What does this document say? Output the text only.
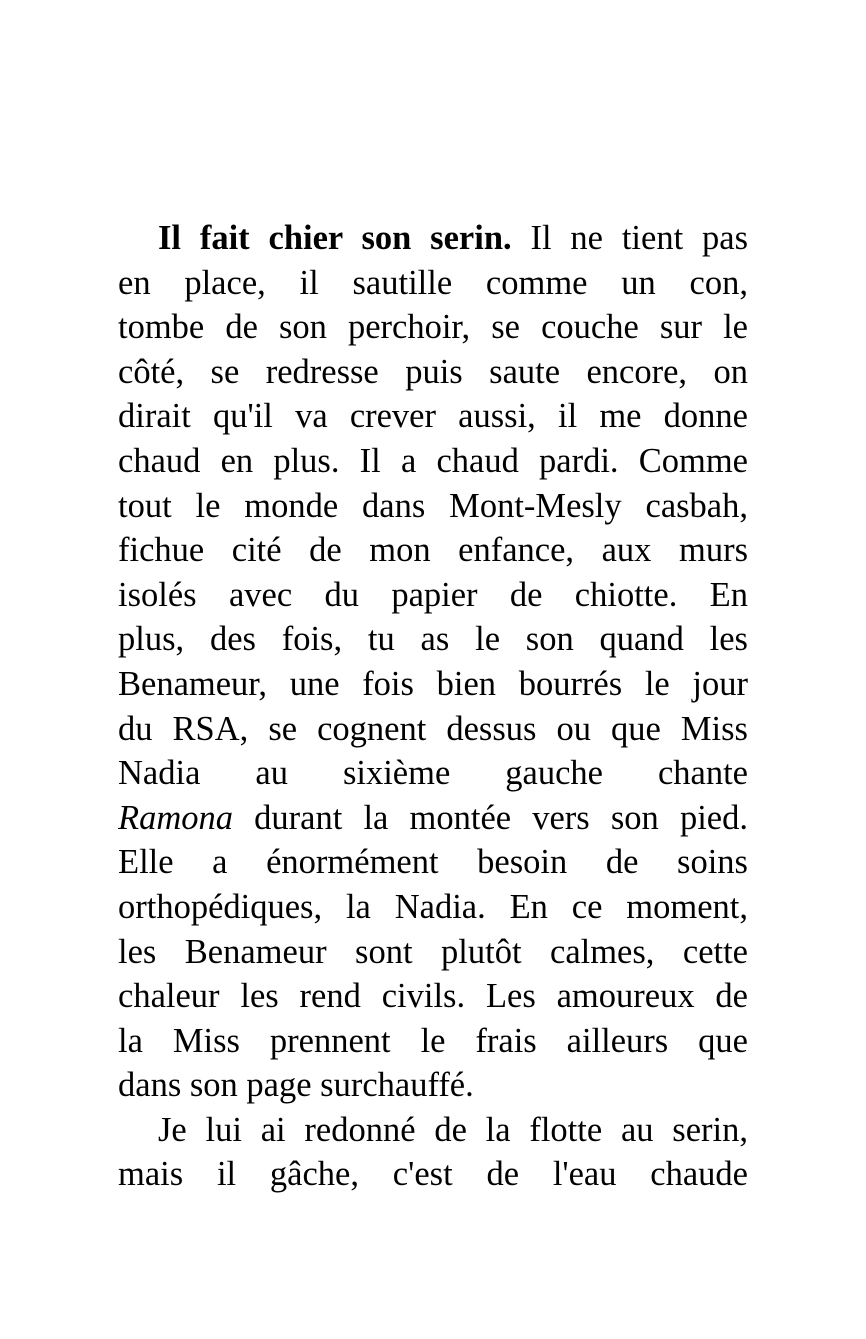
Il fait chier son serin. Il ne tient pas
en place, il sautille comme un con,
tombe de son perchoir, se couche sur le
côté, se redresse puis saute encore, on
dirait qu'il va crever aussi, il me donne
chaud en plus. Il a chaud pardi. Comme
tout le monde dans Mont-Mesly casbah,
fichue cité de mon enfance, aux murs
isolés avec du papier de chiotte. En
plus, des fois, tu as le son quand les
Benameur, une fois bien bourrés le jour
du RSA, se cognent dessus ou que Miss
Nadia au sixième gauche chante
Ramona durant la montée vers son pied.
Elle a énormément besoin de soins
orthopédiques, la Nadia. En ce moment,
les Benameur sont plutôt calmes, cette
chaleur les rend civils. Les amoureux de
la Miss prennent le frais ailleurs que
dans son page surchauffé.
Je lui ai redonné de la flotte au serin,
mais il gâche, c'est de l'eau chaude
